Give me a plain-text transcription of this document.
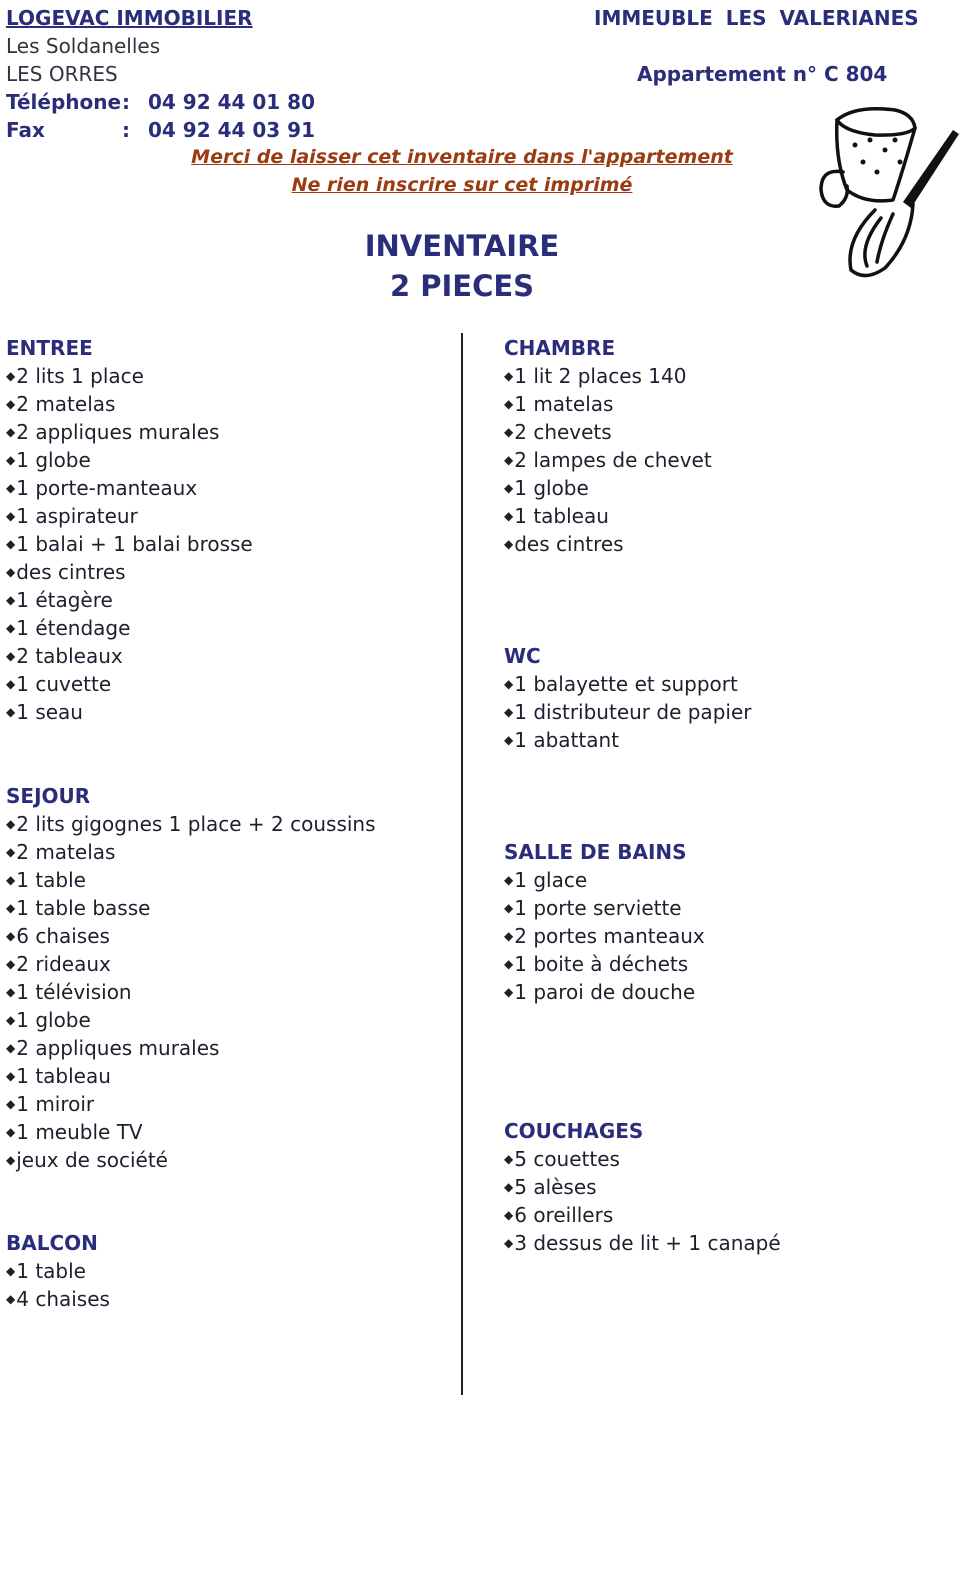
LOGEVAC IMMOBILIER
Les Soldanelles
LES ORRES
Téléphone: 04 92 44 01 80
Fax	: 04 92 44 03 91
IMMEUBLE LES VALERIANES
Appartement n° C 804
Merci de laisser cet inventaire dans l'appartement
Ne rien inscrire sur cet imprimé
INVENTAIRE
2 PIECES
ENTREE
◆2 lits 1 place
◆2 matelas
◆2 appliques murales
◆1 globe
◆1 porte-manteaux
◆1 aspirateur
◆1 balai + 1 balai brosse
◆des cintres
◆1 étagère
◆1 étendage
◆2 tableaux
◆1 cuvette
◆1 seau
SEJOUR
◆2 lits gigognes 1 place + 2 coussins
◆2 matelas
◆1 table
◆1 table basse
◆6 chaises
◆2 rideaux
◆1 télévision
◆1 globe
◆2 appliques murales
◆1 tableau
◆1 miroir
◆1 meuble TV
◆jeux de société
BALCON
◆1 table
◆4 chaises
CHAMBRE
◆1 lit 2 places 140
◆1 matelas
◆2 chevets
◆2 lampes de chevet
◆1 globe
◆1 tableau
◆des cintres
WC
◆1 balayette et support
◆1 distributeur de papier
◆1 abattant
SALLE DE BAINS
◆1 glace
◆1 porte serviette
◆2 portes manteaux
◆1 boite à déchets
◆1 paroi de douche
COUCHAGES
◆5 couettes
◆5 alèses
◆6 oreillers
◆3 dessus de lit + 1 canapé
